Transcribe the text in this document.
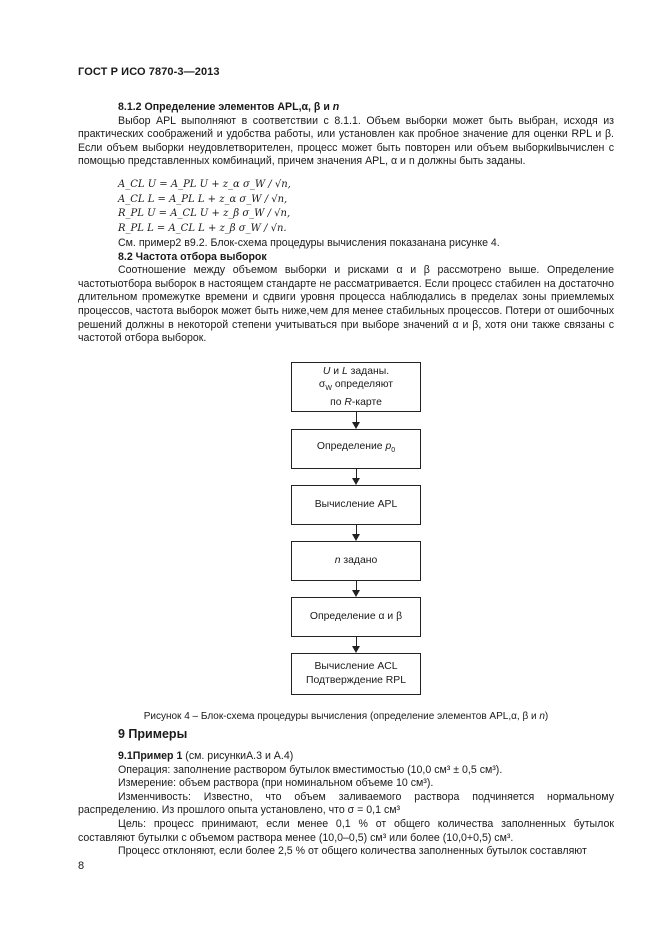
ГОСТ Р ИСО 7870-3—2013
8.1.2 Определение элементов APL,α, β и n

Выбор APL выполняют в соответствии с 8.1.1. Объем выборки может быть выбран, исходя из практических соображений и удобства работы, или установлен как пробное значение для оценки RPL и β. Если объем выборки неудовлетворителен, процесс может быть повторен или объем выборкиlвычислен с помощью представленных комбинаций, причем значения APL, α и n должны быть заданы.

A_CL U = A_PL U + z_α σ_W / √n,
A_CL L = A_PL L + z_α σ_W / √n,
R_PL U = A_CL U + z_β σ_W / √n,
R_PL L = A_CL L + z_β σ_W / √n.
См. пример2 в9.2. Блок-схема процедуры вычисления показанана рисунке 4.
8.2 Частота отбора выборок

Соотношение между объемом выборки и рисками α и β рассмотрено выше. Определение частотыотбора выборок в настоящем стандарте не рассматривается. Если процесс стабилен на достаточно длительном промежутке времени и сдвиги уровня процесса наблюдались в пределах зоны приемлемых процессов, частота выборок может быть ниже,чем для менее стабильных процессов. Потери от ошибочных решений должны в некоторой степени учитываться при выборе значений α и β, хотя они также связаны с частотой отбора выборок.

U и L заданы.
$\sigma_W$ определяют
по R-карте
Определение $p_0$
Вычисление APL
n задано
Определение α и β
Вычисление ACL
Подтверждение RPL
Рисунок 4 – Блок-схема процедуры вычисления (определение элементов APL,α, β и n)
9 Примеры
9.1Пример 1 (см. рисункиА.3 и А.4)
Операция: заполнение раствором бутылок вместимостью (10,0 см³ ± 0,5 см³).
Измерение: объем раствора (при номинальном объеме 10 см³).

Изменчивость: Известно, что объем заливаемого раствора подчиняется нормальному распределению. Из прошлого опыта установлено, что σ = 0,1 см³

Цель: процесс принимают, если менее 0,1 % от общего количества заполненных бутылок составляют бутылки с объемом раствора менее (10,0–0,5) см³ или более (10,0+0,5) см³.

Процесс отклоняют, если более 2,5 % от общего количества заполненных бутылок составляют

8
